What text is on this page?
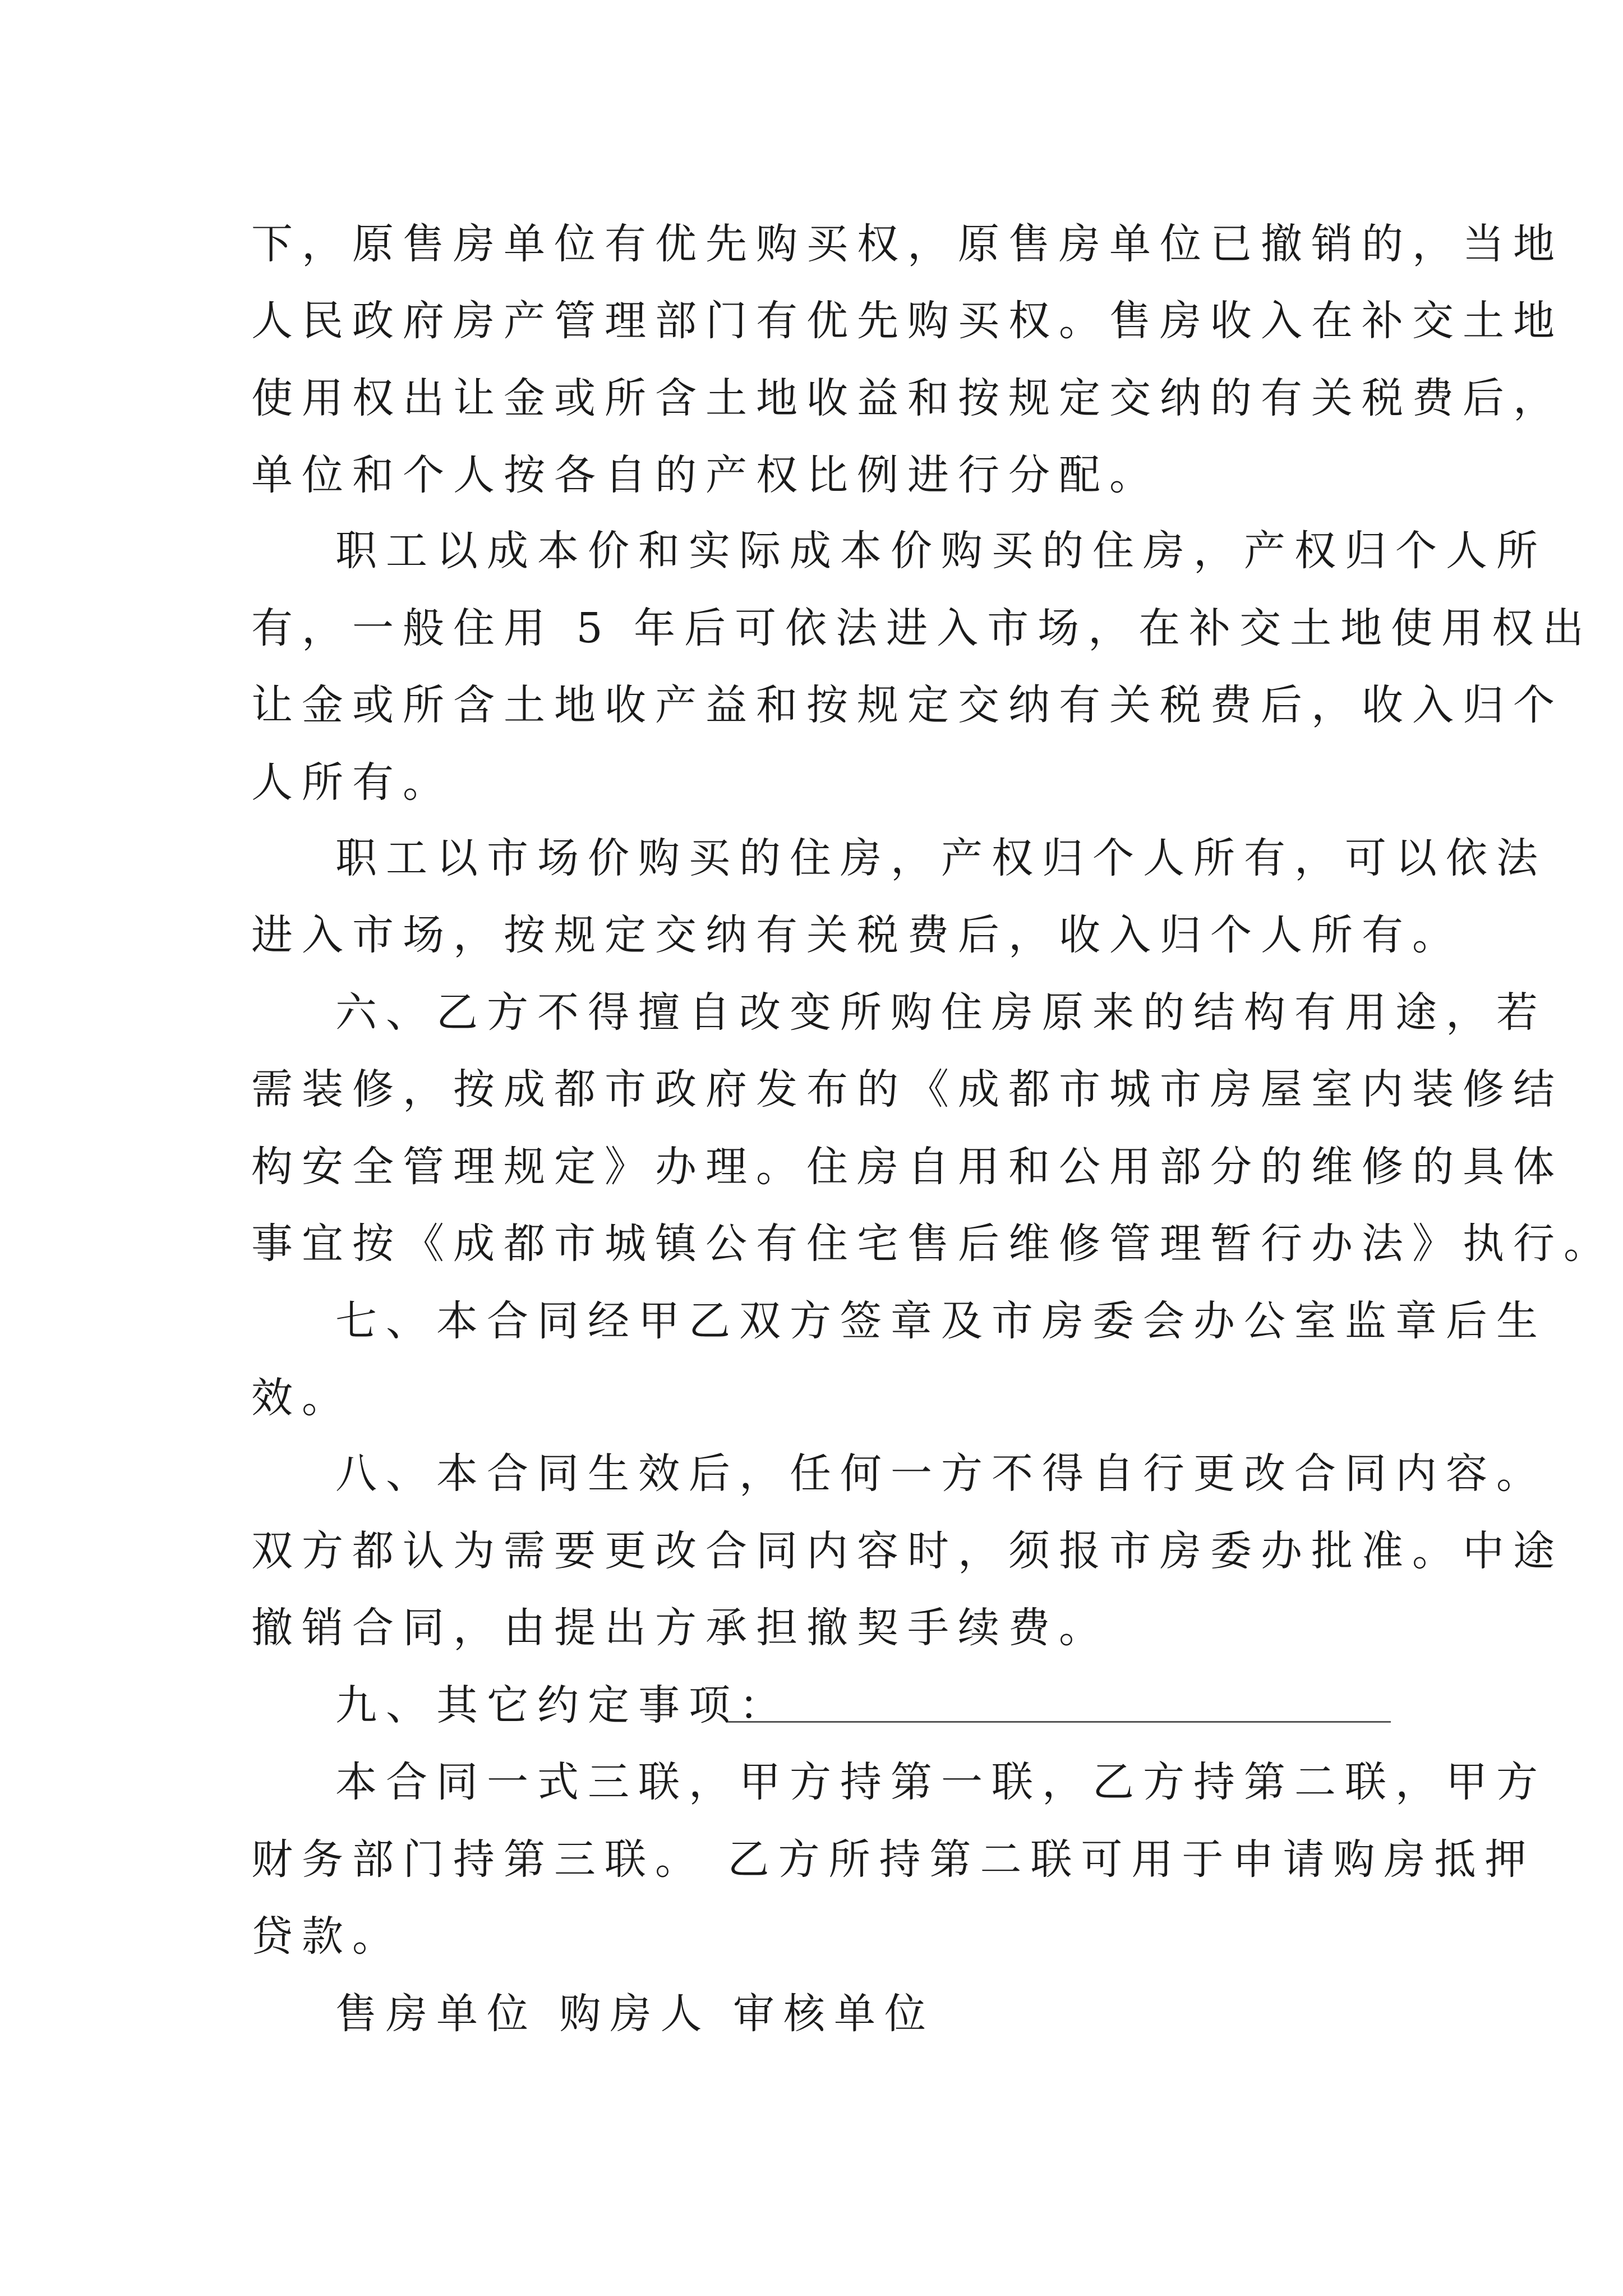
下，原售房单位有优先购买权，原售房单位已撤销的，当地
人民政府房产管理部门有优先购买权。售房收入在补交土地
使用权出让金或所含土地收益和按规定交纳的有关税费后，
单位和个人按各自的产权比例进行分配。
职工以成本价和实际成本价购买的住房，产权归个人所
有，一般住用 5 年后可依法进入市场，在补交土地使用权出
让金或所含土地收产益和按规定交纳有关税费后，收入归个
人所有。
职工以市场价购买的住房，产权归个人所有，可以依法
进入市场，按规定交纳有关税费后，收入归个人所有。
六、乙方不得擅自改变所购住房原来的结构有用途，若
需装修，按成都市政府发布的《成都市城市房屋室内装修结
构安全管理规定》办理。住房自用和公用部分的维修的具体
事宜按《成都市城镇公有住宅售后维修管理暂行办法》执行。
七、本合同经甲乙双方签章及市房委会办公室监章后生
效。
八、本合同生效后，任何一方不得自行更改合同内容。
双方都认为需要更改合同内容时，须报市房委办批准。中途
撤销合同，由提出方承担撤契手续费。
九、其它约定事项：
本合同一式三联，甲方持第一联，乙方持第二联，甲方
财务部门持第三联。 乙方所持第二联可用于申请购房抵押
贷款。
售房单位 购房人 审核单位
